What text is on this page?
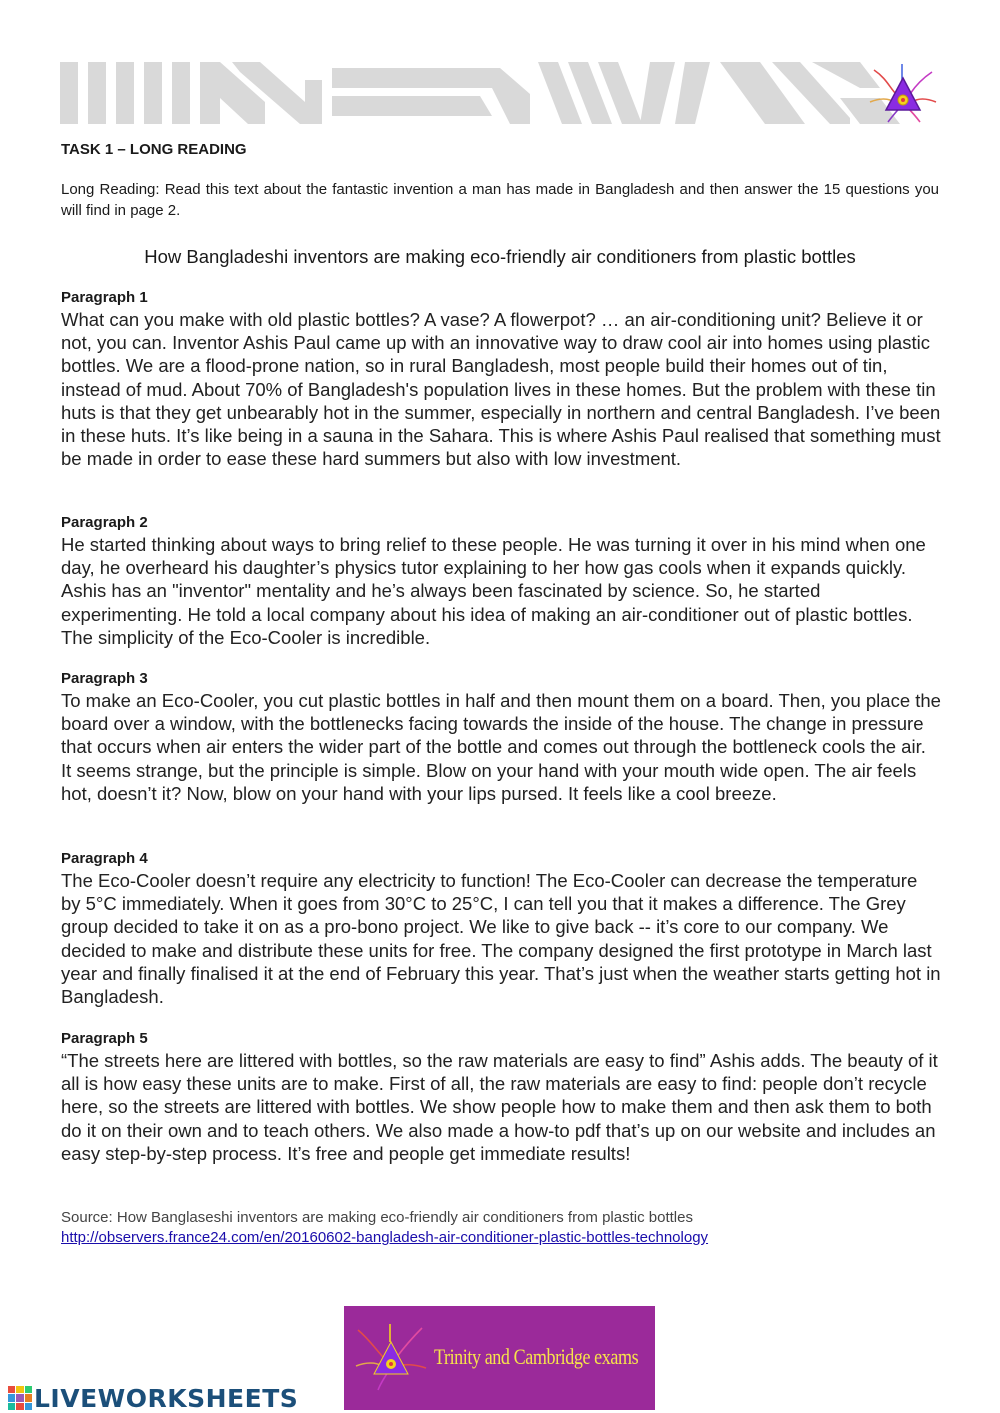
TASK 1 – LONG READING

Long Reading: Read this text about the fantastic invention a man has made in Bangladesh and then answer the 15 questions you will find in page 2.

How Bangladeshi inventors are making eco-friendly air conditioners from plastic bottles

Paragraph 1

What can you make with old plastic bottles? A vase? A flowerpot? … an air-conditioning unit? Believe it or not, you can. Inventor Ashis Paul came up with an innovative way to draw cool air into homes using plastic bottles. We are a flood-prone nation, so in rural Bangladesh, most people build their homes out of tin, instead of mud. About 70% of Bangladesh's population lives in these homes. But the problem with these tin huts is that they get unbearably hot in the summer, especially in northern and central Bangladesh. I’ve been in these huts. It’s like being in a sauna in the Sahara. This is where Ashis Paul realised that something must be made in order to ease these hard summers but also with low investment.

Paragraph 2

He started thinking about ways to bring relief to these people. He was turning it over in his mind when one day, he overheard his daughter’s physics tutor explaining to her how gas cools when it expands quickly. Ashis has an "inventor" mentality and he’s always been fascinated by science. So, he started experimenting. He told a local company about his idea of making an air-conditioner out of plastic bottles. The simplicity of the Eco-Cooler is incredible.

Paragraph 3

To make an Eco-Cooler, you cut plastic bottles in half and then mount them on a board. Then, you place the board over a window, with the bottlenecks facing towards the inside of the house. The change in pressure that occurs when air enters the wider part of the bottle and comes out through the bottleneck cools the air. It seems strange, but the principle is simple. Blow on your hand with your mouth wide open. The air feels hot, doesn’t it? Now, blow on your hand with your lips pursed. It feels like a cool breeze.

Paragraph 4

The Eco-Cooler doesn’t require any electricity to function! The Eco-Cooler can decrease the temperature by 5°C immediately. When it goes from 30°C to 25°C, I can tell you that it makes a difference. The Grey group decided to take it on as a pro-bono project. We like to give back -- it’s core to our company. We decided to make and distribute these units for free. The company designed the first prototype in March last year and finally finalised it at the end of February this year. That’s just when the weather starts getting hot in Bangladesh.

Paragraph 5

“The streets here are littered with bottles, so the raw materials are easy to find” Ashis adds. The beauty of it all is how easy these units are to make. First of all, the raw materials are easy to find: people don’t recycle here, so the streets are littered with bottles. We show people how to make them and then ask them to both do it on their own and to teach others. We also made a how-to pdf that’s up on our website and includes an easy step-by-step process. It’s free and people get immediate results!

Source: How Banglaseshi inventors are making eco-friendly air conditioners from plastic bottles
http://observers.france24.com/en/20160602-bangladesh-air-conditioner-plastic-bottles-technology
Trinity and Cambridge exams
LIVEWORKSHEETS
